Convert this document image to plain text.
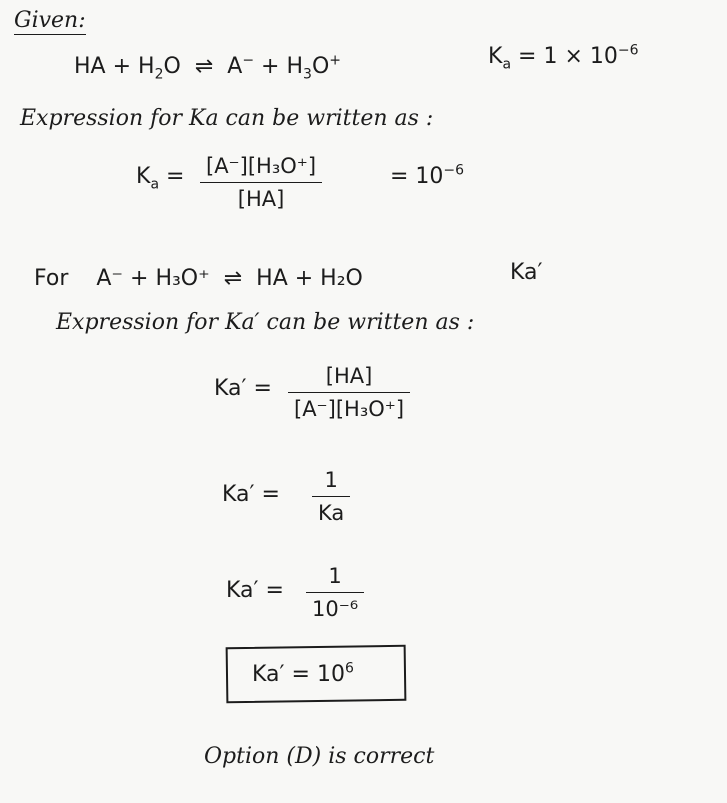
Given:
HA + $H_2O$ ⇌ $A^- + H_3O^+$	$K_a = 1 \times 10^{-6}$
Expression for Ka can be written as :
$K_a = [A^-][H_3O^+]$
[HA]
= $10^{-6}$
For A⁻ + H₃O⁺ ⇌ HA + H₂O	Ka′
Expression for Ka′ can be written as :
Ka′ =	[HA]
[A⁻][H₃O⁺]
Ka′ =
1
Ka
Ka′ =
1
10⁻⁶
$Ka' = 10^6$
Option (D) is correct
